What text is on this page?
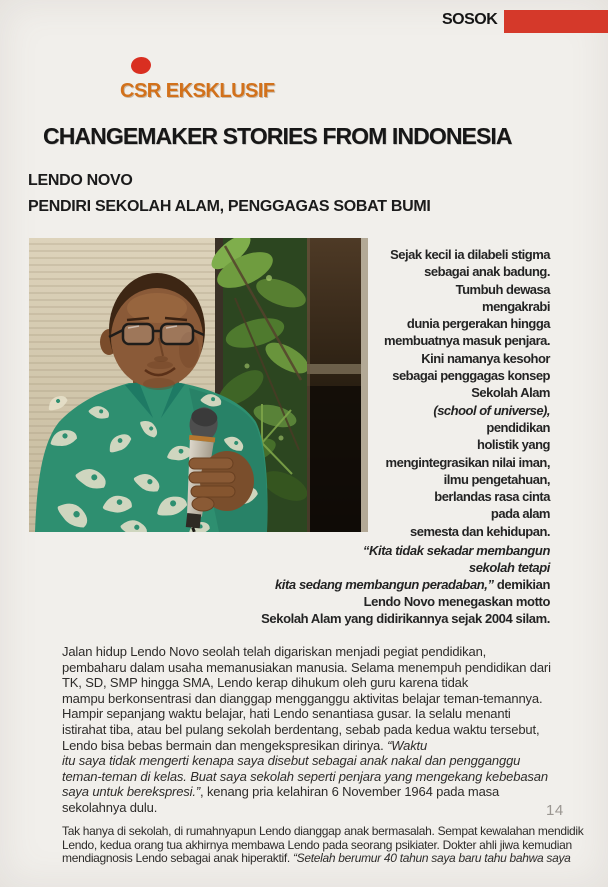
SOSOK
CSR EKSKLUSIF
CHANGEMAKER STORIES FROM INDONESIA
LENDO NOVO
PENDIRI SEKOLAH ALAM, PENGGAGAS SOBAT BUMI
Sejak kecil ia dilabeli stigma
sebagai anak badung.
Tumbuh dewasa
mengakrabi
dunia pergerakan hingga
membuatnya masuk penjara.
Kini namanya kesohor
sebagai penggagas konsep
Sekolah Alam
(school of universe),
pendidikan
holistik yang
mengintegrasikan nilai iman,
ilmu pengetahuan,
berlandas rasa cinta
pada alam
semesta dan kehidupan.
“Kita tidak sekadar membangun
sekolah tetapi
kita sedang membangun peradaban,” demikian
Lendo Novo menegaskan motto
Sekolah Alam yang didirikannya sejak 2004 silam.
Jalan hidup Lendo Novo seolah telah digariskan menjadi pegiat pendidikan,
pembaharu dalam usaha memanusiakan manusia. Selama menempuh pendidikan dari
TK, SD, SMP hingga SMA, Lendo kerap dihukum oleh guru karena tidak
mampu berkonsentrasi dan dianggap mengganggu aktivitas belajar teman-temannya.
Hampir sepanjang waktu belajar, hati Lendo senantiasa gusar. Ia selalu menanti
istirahat tiba, atau bel pulang sekolah berdentang, sebab pada kedua waktu tersebut,
Lendo bisa bebas bermain dan mengekspresikan dirinya. “Waktu
itu saya tidak mengerti kenapa saya disebut sebagai anak nakal dan pengganggu
teman-teman di kelas. Buat saya sekolah seperti penjara yang mengekang kebebasan
saya untuk berekspresi.”, kenang pria kelahiran 6 November 1964 pada masa
sekolahnya dulu.	14
Tak hanya di sekolah, di rumahnyapun Lendo dianggap anak bermasalah. Sempat kewalahan mendidik
Lendo, kedua orang tua akhirnya membawa Lendo pada seorang psikiater. Dokter ahli jiwa kemudian
mendiagnosis Lendo sebagai anak hiperaktif. “Setelah berumur 40 tahun saya baru tahu bahwa saya
